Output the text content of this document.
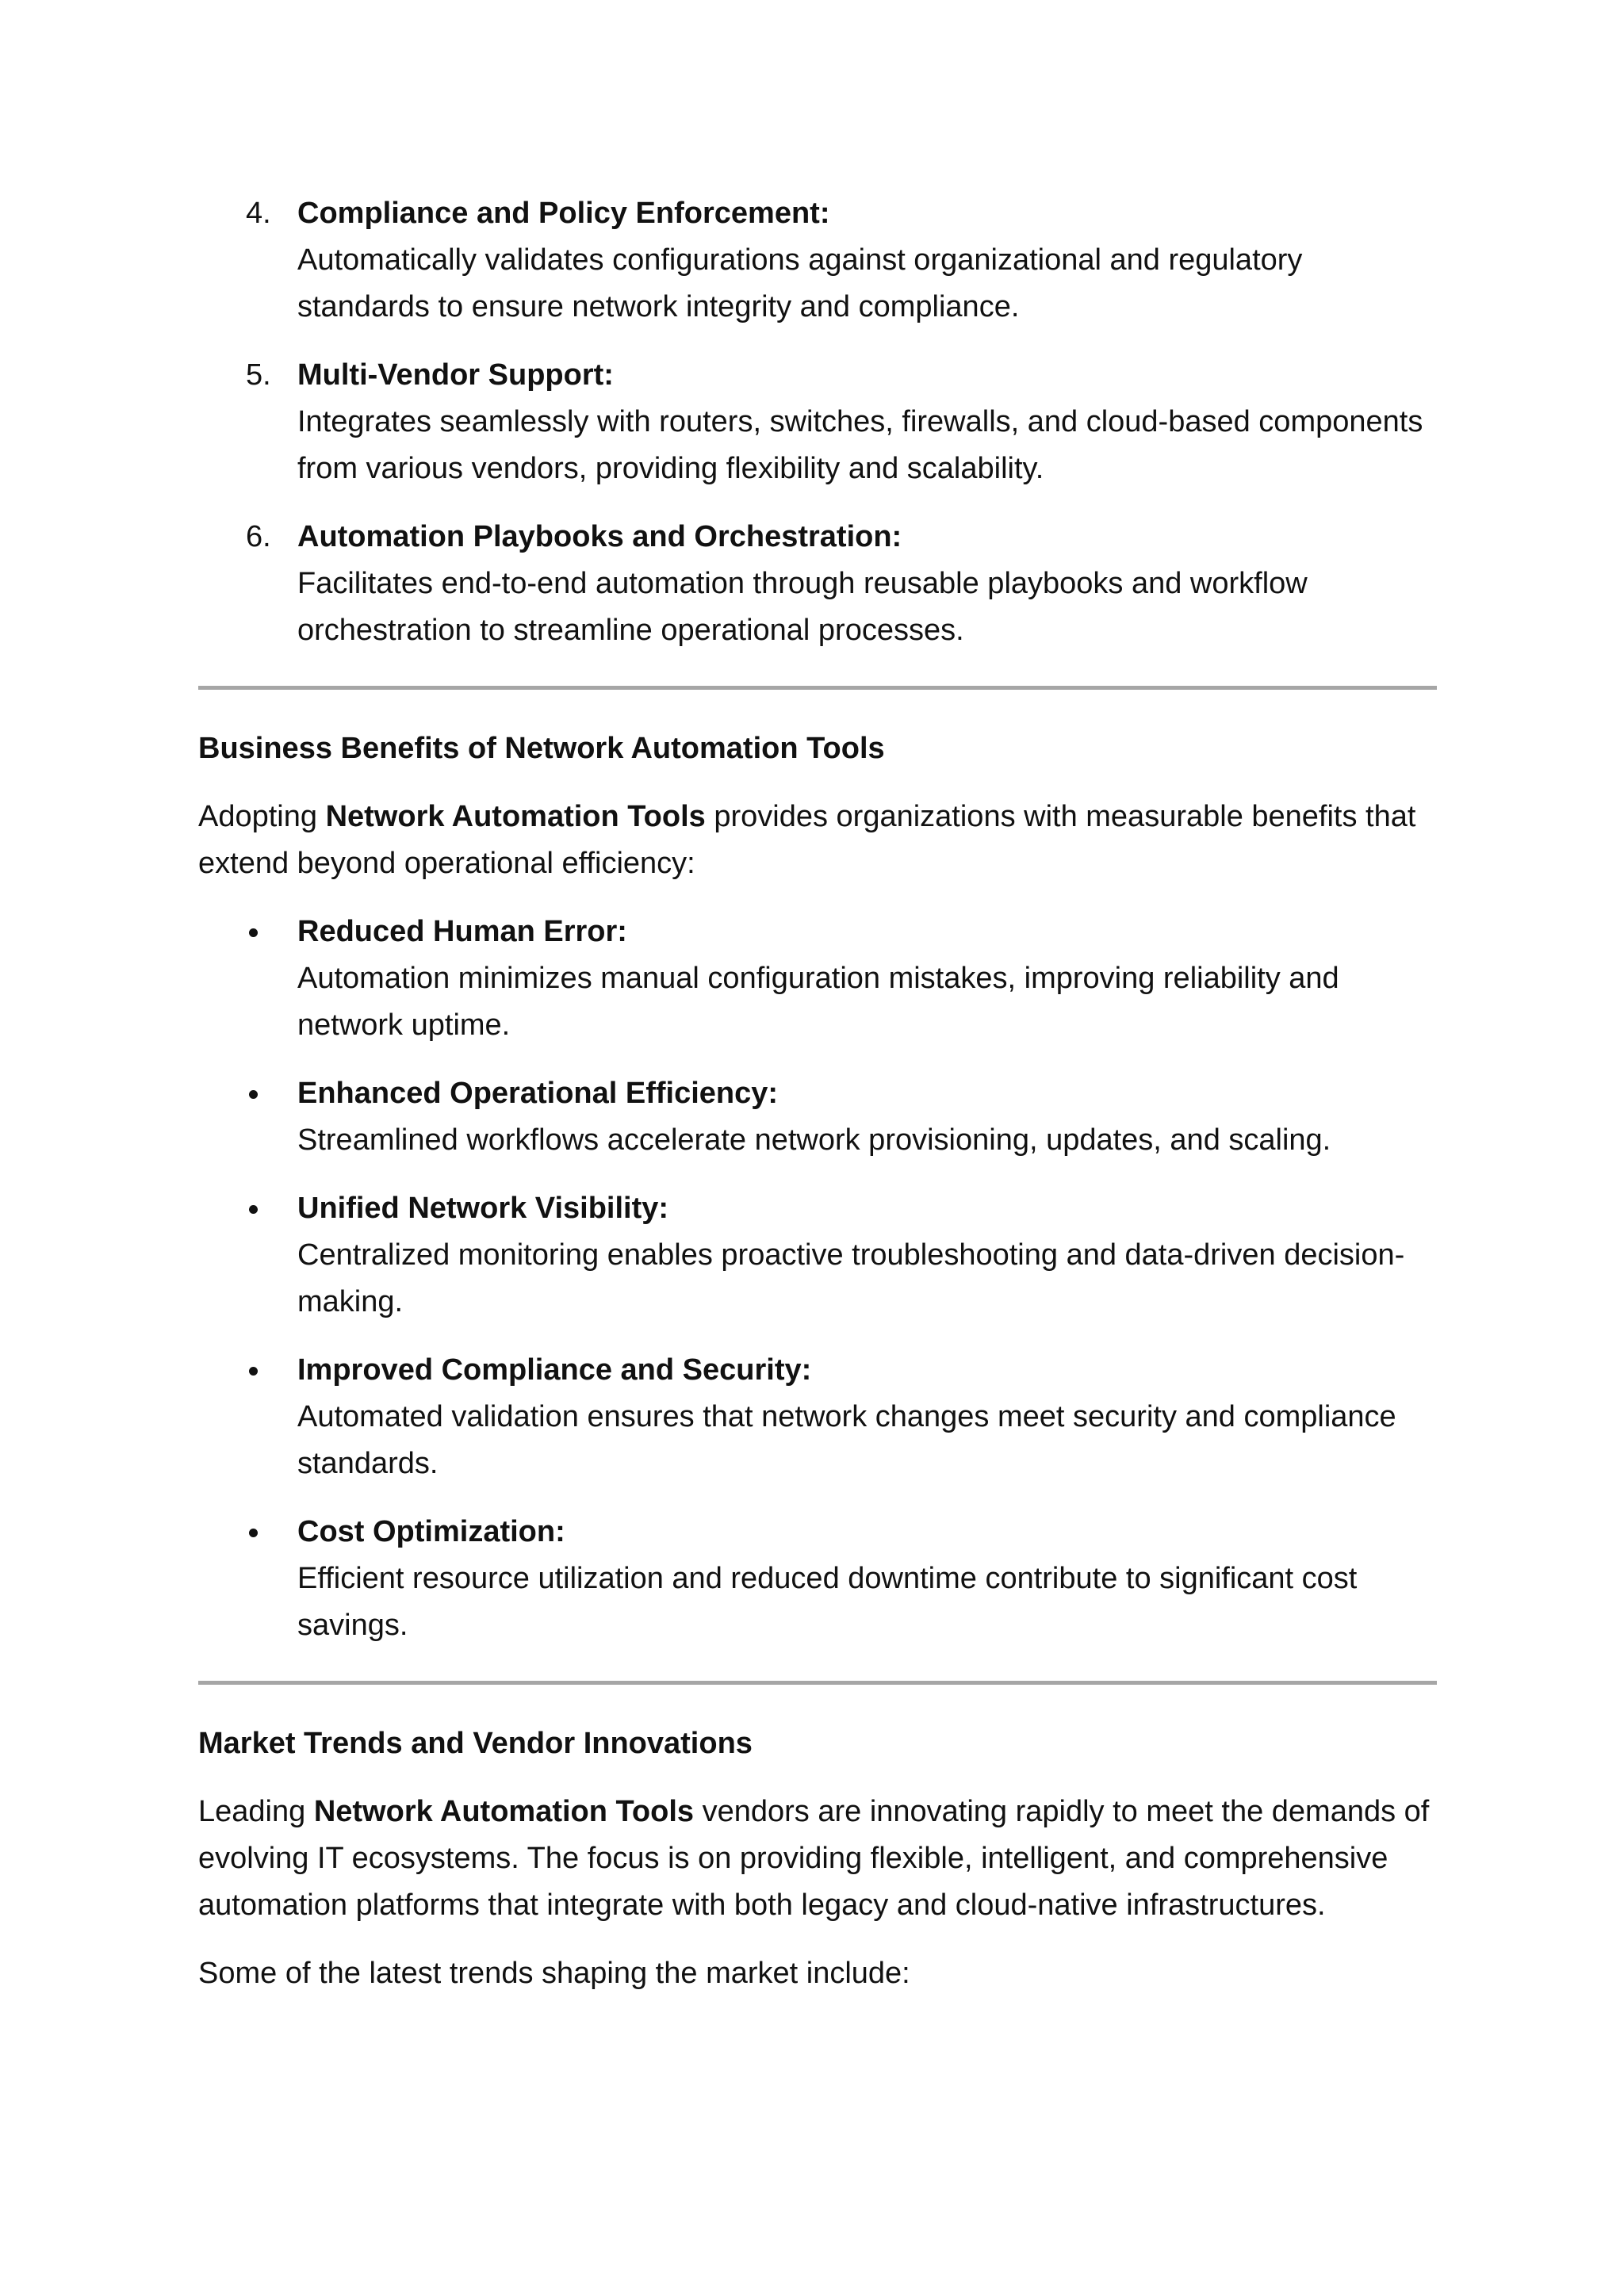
4. Compliance and Policy Enforcement:

Automatically validates configurations against organizational and regulatory standards to ensure network integrity and compliance.

5. Multi-Vendor Support:

Integrates seamlessly with routers, switches, firewalls, and cloud-based components from various vendors, providing flexibility and scalability.

6. Automation Playbooks and Orchestration:

Facilitates end-to-end automation through reusable playbooks and workflow orchestration to streamline operational processes.

Business Benefits of Network Automation Tools

Adopting Network Automation Tools provides organizations with measurable benefits that extend beyond operational efficiency:

Reduced Human Error:

Automation minimizes manual configuration mistakes, improving reliability and network uptime.

Enhanced Operational Efficiency:

Streamlined workflows accelerate network provisioning, updates, and scaling.

Unified Network Visibility:

Centralized monitoring enables proactive troubleshooting and data-driven decision-making.

Improved Compliance and Security:

Automated validation ensures that network changes meet security and compliance standards.

Cost Optimization:

Efficient resource utilization and reduced downtime contribute to significant cost savings.

Market Trends and Vendor Innovations

Leading Network Automation Tools vendors are innovating rapidly to meet the demands of evolving IT ecosystems. The focus is on providing flexible, intelligent, and comprehensive automation platforms that integrate with both legacy and cloud-native infrastructures.

Some of the latest trends shaping the market include:
